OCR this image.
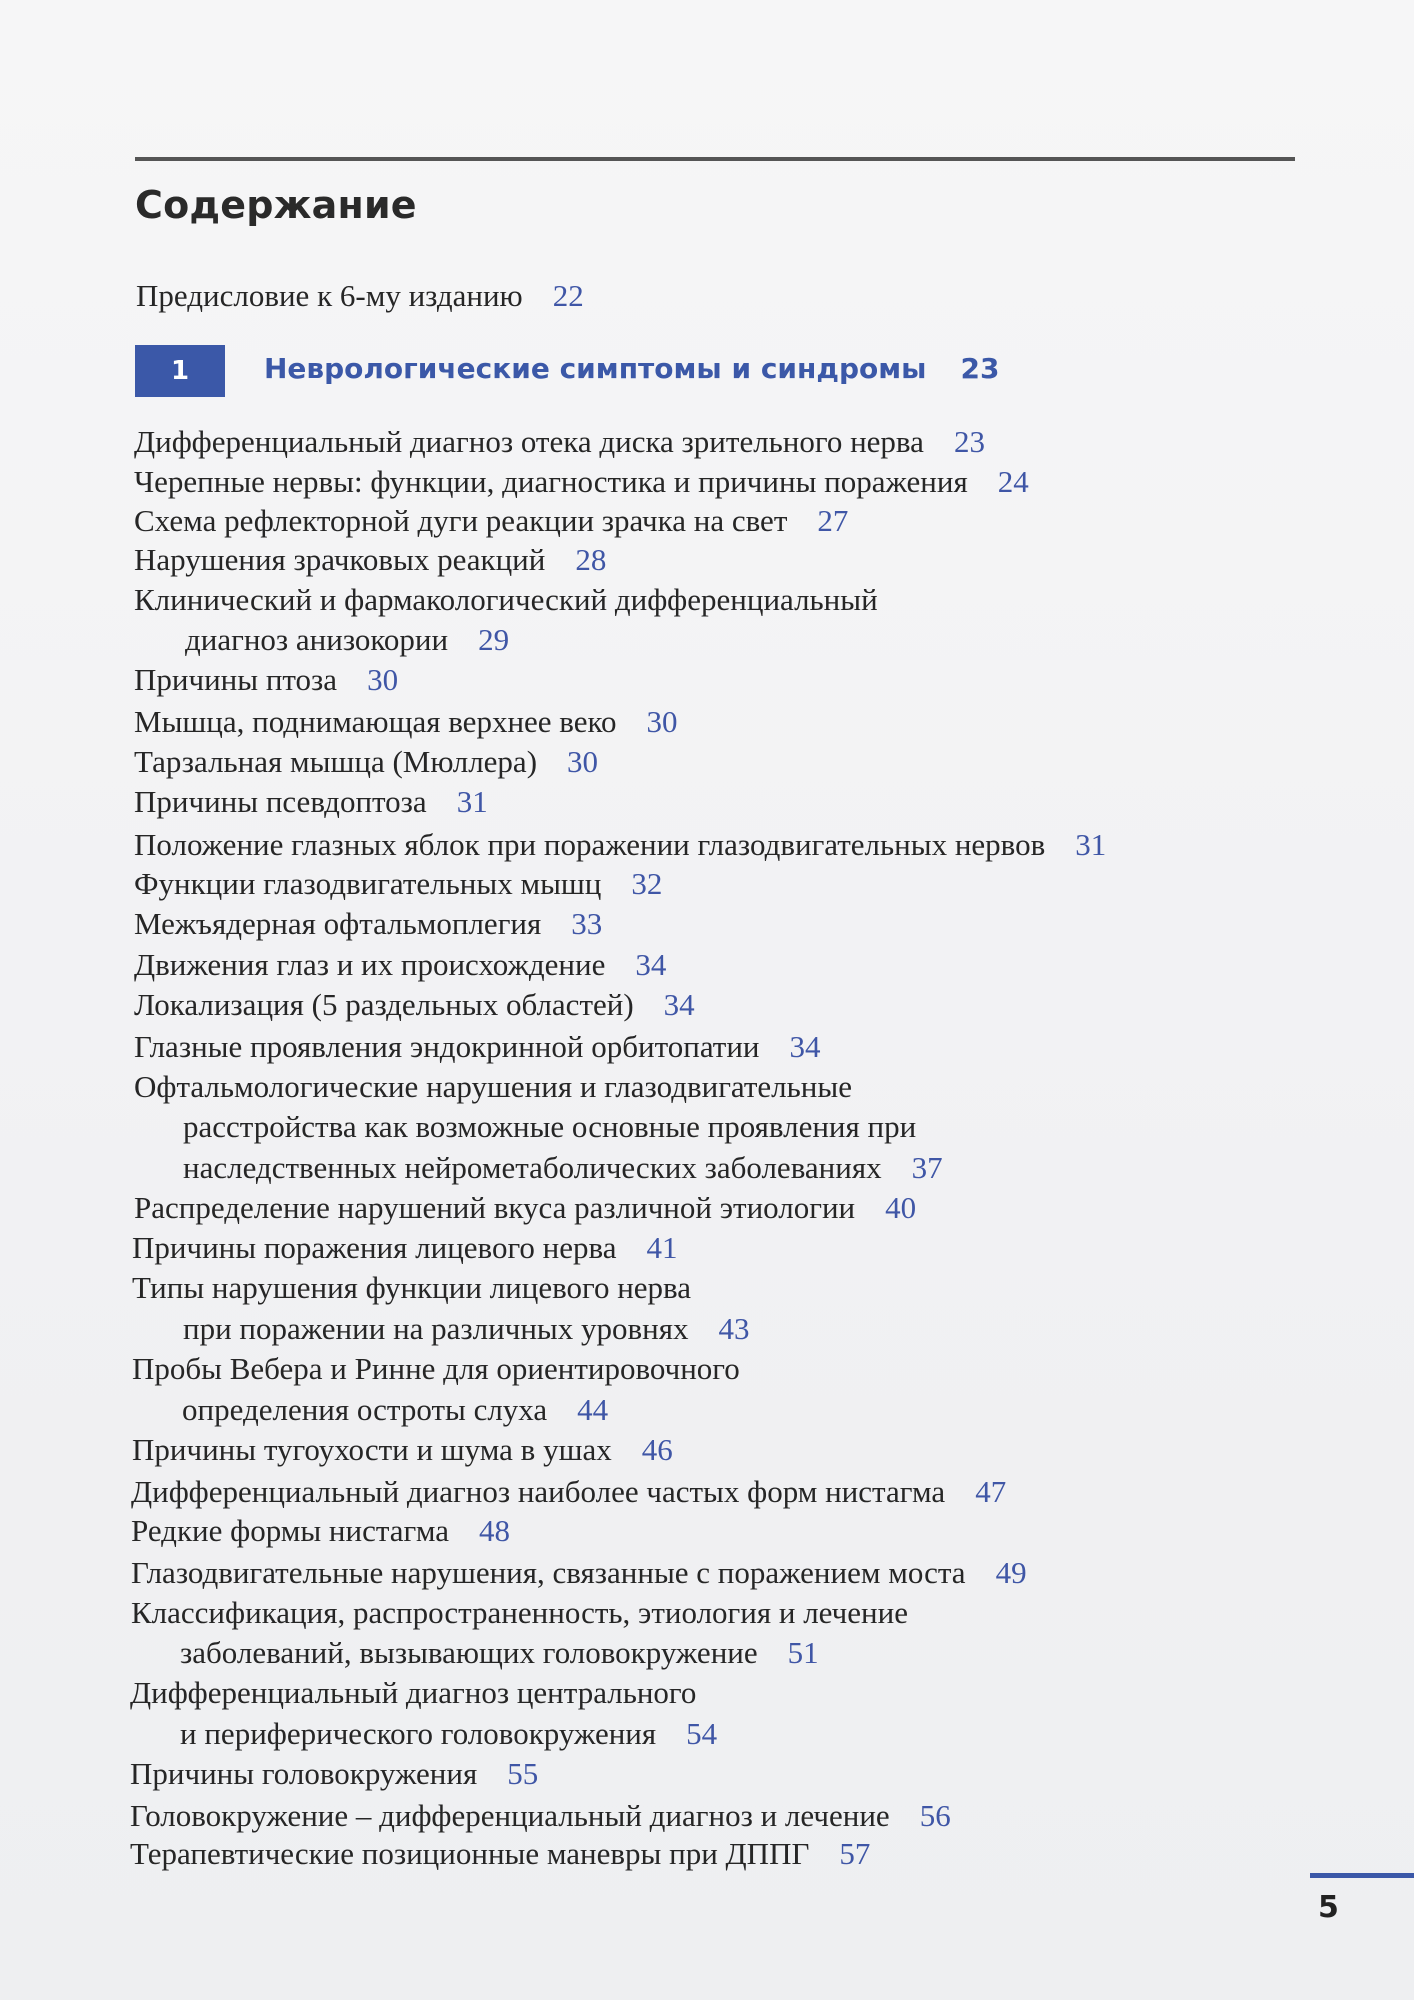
Содержание
Предисловие к 6-му изданию 22
1	Неврологические симптомы и синдромы 23
Дифференциальный диагноз отека диска зрительного нерва 23
Черепные нервы: функции, диагностика и причины поражения 24
Схема рефлекторной дуги реакции зрачка на свет 27
Нарушения зрачковых реакций 28
Клинический и фармакологический дифференциальный
диагноз анизокории 29
Причины птоза 30
Мышца, поднимающая верхнее веко 30
Тарзальная мышца (Мюллера) 30
Причины псевдоптоза 31
Положение глазных яблок при поражении глазодвигательных нервов 31
Функции глазодвигательных мышц 32
Межъядерная офтальмоплегия 33
Движения глаз и их происхождение 34
Локализация (5 раздельных областей) 34
Глазные проявления эндокринной орбитопатии 34
Офтальмологические нарушения и глазодвигательные
расстройства как возможные основные проявления при
наследственных нейрометаболических заболеваниях 37
Распределение нарушений вкуса различной этиологии 40
Причины поражения лицевого нерва 41
Типы нарушения функции лицевого нерва
при поражении на различных уровнях 43
Пробы Вебера и Ринне для ориентировочного
определения остроты слуха 44
Причины тугоухости и шума в ушах 46
Дифференциальный диагноз наиболее частых форм нистагма 47
Редкие формы нистагма 48
Глазодвигательные нарушения, связанные с поражением моста 49
Классификация, распространенность, этиология и лечение
заболеваний, вызывающих головокружение 51
Дифференциальный диагноз центрального
и периферического головокружения 54
Причины головокружения 55
Головокружение – дифференциальный диагноз и лечение 56
Терапевтические позиционные маневры при ДППГ 57
5
